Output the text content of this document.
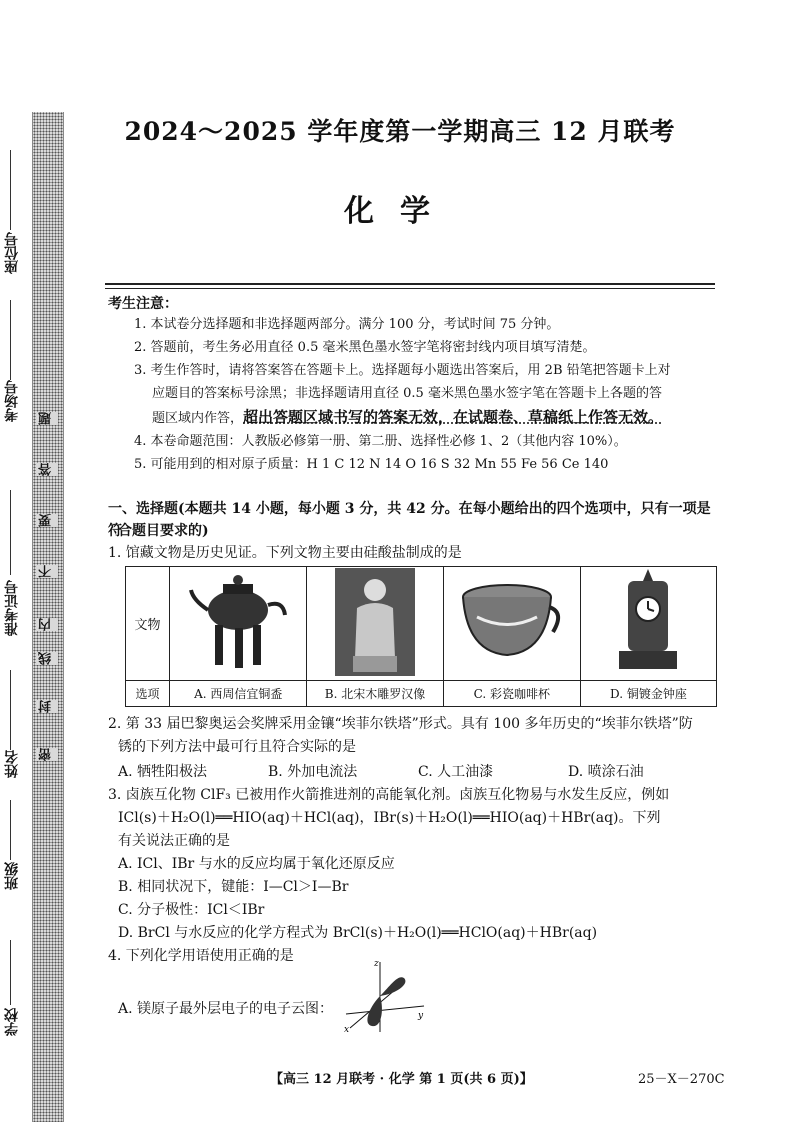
题
答
要
不
内
线
封
密
座位号
考场号
准考证号
姓名
班级
学校
2024～2025 学年度第一学期高三 12 月联考
化学
考生注意：
1. 本试卷分选择题和非选择题两部分。满分 100 分，考试时间 75 分钟。
2. 答题前，考生务必用直径 0.5 毫米黑色墨水签字笔将密封线内项目填写清楚。
3. 考生作答时，请将答案答在答题卡上。选择题每小题选出答案后，用 2B 铅笔把答题卡上对
应题目的答案标号涂黑；非选择题请用直径 0.5 毫米黑色墨水签字笔在答题卡上各题的答
题区域内作答，超出答题区域书写的答案无效，在试题卷、草稿纸上作答无效。
4. 本卷命题范围：人教版必修第一册、第二册、选择性必修 1、2（其他内容 10%）。
5. 可能用到的相对原子质量：H 1 C 12 N 14 O 16 S 32 Mn 55 Fe 56 Ce 140
一、选择题(本题共 14 小题，每小题 3 分，共 42 分。在每小题给出的四个选项中，只有一项是符
合题目要求的)
1. 馆藏文物是历史见证。下列文物主要由硅酸盐制成的是
文物				
选项	A. 西周信宜铜盉	B. 北宋木雕罗汉像	C. 彩瓷咖啡杯	D. 铜镀金钟座
2. 第 33 届巴黎奥运会奖牌采用金镶“埃菲尔铁塔”形式。具有 100 多年历史的“埃菲尔铁塔”防
锈的下列方法中最可行且符合实际的是
A. 牺牲阳极法	B. 外加电流法	C. 人工油漆	D. 喷涂石油
3. 卤族互化物 ClF₃ 已被用作火箭推进剂的高能氧化剂。卤族互化物易与水发生反应，例如
ICl(s)＋H₂O(l)══HIO(aq)＋HCl(aq)，IBr(s)＋H₂O(l)══HIO(aq)＋HBr(aq)。下列
有关说法正确的是
A. ICl、IBr 与水的反应均属于氧化还原反应
B. 相同状况下，键能：I—Cl＞I—Br
C. 分子极性：ICl＜IBr
D. BrCl 与水反应的化学方程式为 BrCl(s)＋H₂O(l)══HClO(aq)＋HBr(aq)
4. 下列化学用语使用正确的是
A. 镁原子最外层电子的电子云图：
z
y
x
【高三 12 月联考 · 化学 第 1 页(共 6 页)】	25－X－270C
